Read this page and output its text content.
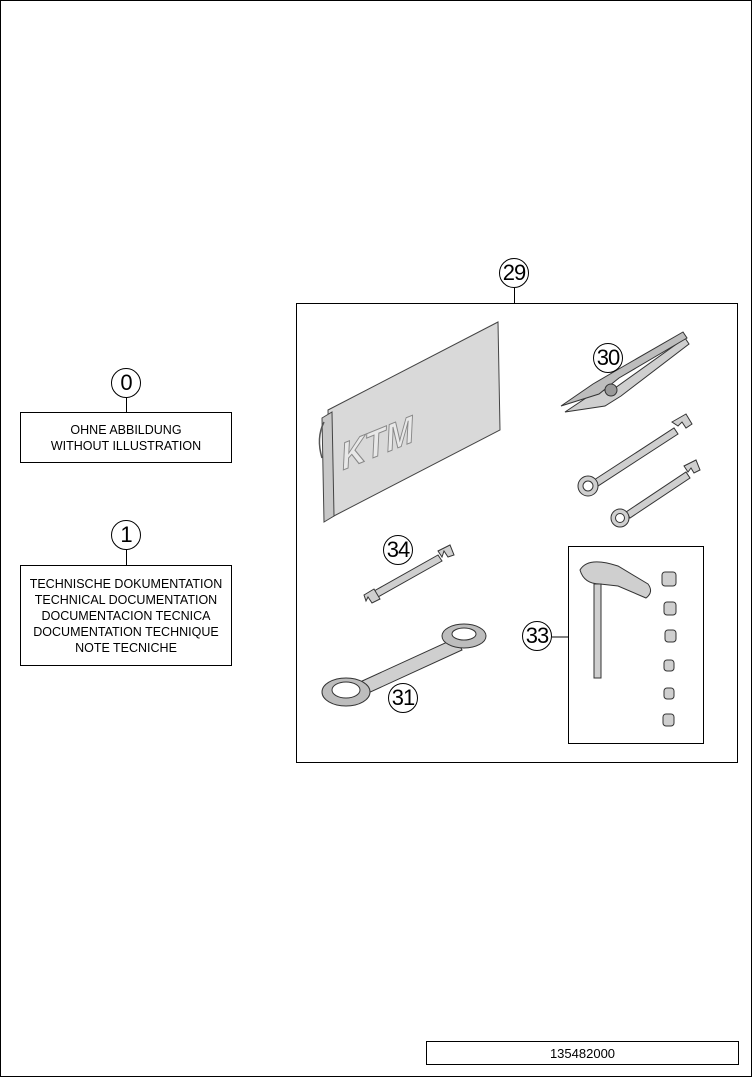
0
OHNE ABBILDUNG
WITHOUT ILLUSTRATION
1
TECHNISCHE DOKUMENTATION
TECHNICAL DOCUMENTATION
DOCUMENTACION TECNICA
DOCUMENTATION TECHNIQUE
NOTE TECNICHE
29
KTM
30
34
31
33
135482000
